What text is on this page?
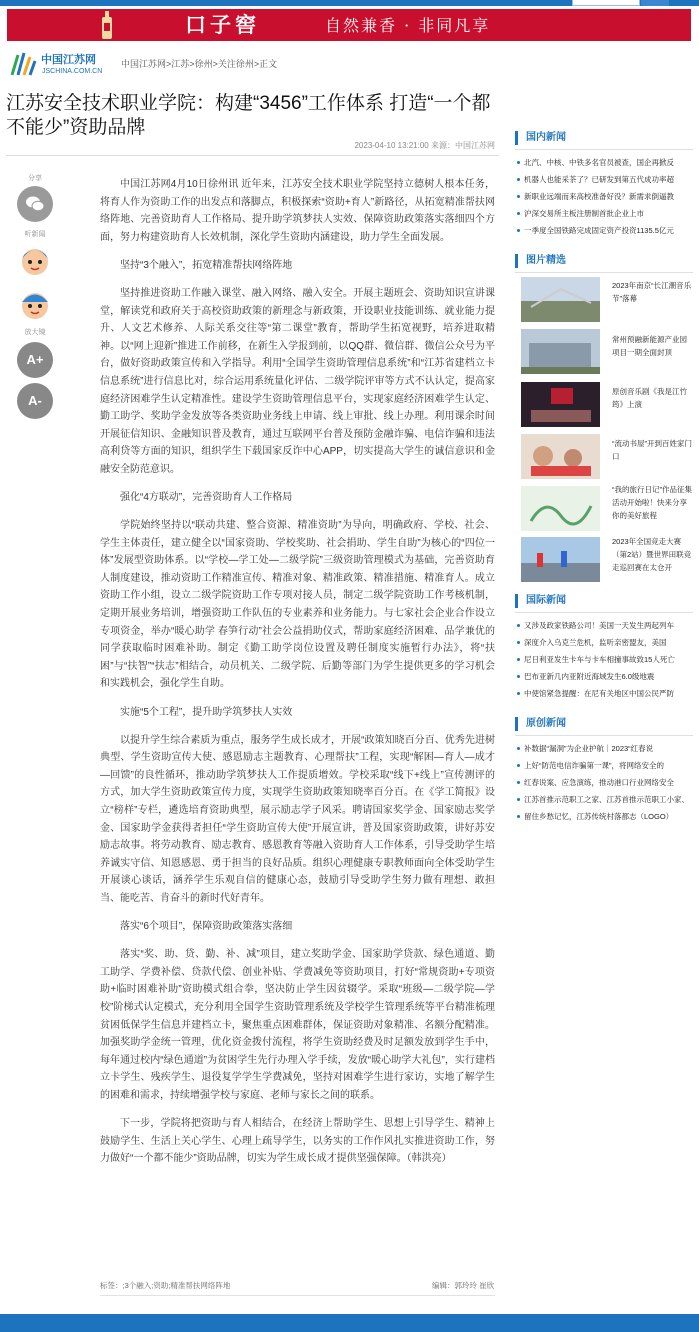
口子窖	自然兼香 · 非同凡享
中国江苏网
JSCHINA.COM.CN
中国江苏网>江苏>徐州>关注徐州>正文
江苏安全技术职业学院：构建“3456”工作体系 打造“一个都不能少”资助品牌
2023-04-10 13:21:00 来源：中国江苏网
分享
听新闻
放大镜
A+
A-

中国江苏网4月10日徐州讯 近年来，江苏安全技术职业学院坚持立德树人根本任务，将育人作为资助工作的出发点和落脚点，积极探索“资助+育人”新路径，从拓宽精准帮扶网络阵地、完善资助育人工作格局、提升助学筑梦扶人实效、保障资助政策落实落细四个方面，努力构建资助育人长效机制，深化学生资助内涵建设，助力学生全面发展。

坚持“3个融入”，拓宽精准帮扶网络阵地

坚持推进资助工作融入课堂、融入网络、融入安全。开展主题班会、资助知识宣讲课堂，解读党和政府关于高校资助政策的新理念与新政策，开设职业技能训练、就业能力提升、人文艺术修养、人际关系交往等“第二课堂”教育，帮助学生拓宽视野，培养进取精神。以“网上迎新”推进工作前移，在新生入学报到前，以QQ群、微信群、微信公众号为平台，做好资助政策宣传和入学指导。利用“全国学生资助管理信息系统”和“江苏省建档立卡信息系统”进行信息比对，综合运用系统量化评估、二级学院评审等方式不认认定，提高家庭经济困难学生认定精准性。建设学生资助管理信息平台，实现家庭经济困难学生认定、勤工助学、奖助学金发放等各类资助业务线上申请、线上审批、线上办理。利用课余时间开展征信知识、金融知识普及教育，通过互联网平台普及预防金融诈骗、电信诈骗和违法高利贷等方面的知识，组织学生下载国家反诈中心APP，切实提高大学生的诚信意识和金融安全防范意识。

强化“4方联动”，完善资助育人工作格局

学院始终坚持以“联动共建、整合资源、精准资助”为导向，明确政府、学校、社会、学生主体责任，建立健全以“国家资助、学校奖助、社会捐助、学生自助”为核心的“四位一体”发展型资助体系。以“学校—学工处—二级学院”三级资助管理模式为基础，完善资助育人制度建设，推动资助工作精准宣传、精准对象、精准政策、精准措施、精准育人。成立资助工作小组，设立二级学院资助工作专项对接人员，制定二级学院资助工作考核机制，定期开展业务培训，增强资助工作队伍的专业素养和业务能力。与七家社会企业合作设立专项资金，举办“暖心助学 春笋行动”社会公益捐助仪式，帮助家庭经济困难、品学兼优的同学获取临时困难补助。制定《勤工助学岗位设置及聘任制度实施暂行办法》，将“扶困”与“扶智”“扶志”相结合，动员机关、二级学院、后勤等部门为学生提供更多的学习机会和实践机会，强化学生自助。

实施“5个工程”，提升助学筑梦扶人实效

以提升学生综合素质为重点，服务学生成长成才，开展“政策知晓百分百、优秀先进树典型、学生资助宣传大使、感恩励志主题教育、心理帮扶”工程，实现“解困—育人—成才—回馈”的良性循环，推动助学筑梦扶人工作提质增效。学校采取“线下+线上”宣传测评的方式，加大学生资助政策宣传力度，实现学生资助政策知晓率百分百。在《学工简报》设立“榜样”专栏，遴选培育资助典型，展示励志学子风采。聘请国家奖学金、国家励志奖学金、国家助学金获得者担任“学生资助宣传大使”开展宣讲，普及国家资助政策，讲好苏安励志故事。将劳动教育、励志教育、感恩教育等融入资助育人工作体系，引导受助学生培养诚实守信、知恩感恩、勇于担当的良好品质。组织心理健康专职教师面向全体受助学生开展谈心谈话，涵养学生乐观自信的健康心态，鼓励引导受助学生努力做有理想、敢担当、能吃苦、肯奋斗的新时代好青年。

落实“6个项目”，保障资助政策落实落细

落实“奖、助、贷、勤、补、减”项目，建立奖助学金、国家助学贷款、绿色通道、勤工助学、学费补偿、贷款代偿、创业补贴、学费减免等资助项目，打好“常规资助+专项资助+临时困难补助”资助模式组合拳，坚决防止学生因贫辍学。采取“班级—二级学院—学校”阶梯式认定模式，充分利用全国学生资助管理系统及学校学生管理系统等平台精准梳理贫困低保学生信息并建档立卡，聚焦重点困难群体，保证资助对象精准、名额分配精准。加强奖助学金统一管理，优化资金拨付流程，将学生资助经费及时足额发放到学生手中，每年通过校内“绿色通道”为贫困学生先行办理入学手续，发放“暖心助学大礼包”，实行建档立卡学生、残疾学生、退役复学学生学费减免，坚持对困难学生进行家访，实地了解学生的困难和需求，持续增强学校与家庭、老师与家长之间的联系。

下一步，学院将把资助与育人相结合，在经济上帮助学生、思想上引导学生、精神上鼓励学生、生活上关心学生、心理上疏导学生，以务实的工作作风扎实推进资助工作，努力做好“一个都不能少”资助品牌，切实为学生成长成才提供坚强保障。（韩洪亮）

标签：;3个融入;资助;精准帮扶网络阵地	编辑：郭玲玲 崔欣
国内新闻
北汽、中核、中铁多名官员被查，国企再掀反
机器人也能采茶了？已研发到第五代成功率超
新职业远端而来高校准备好没？新需求倒逼教
沪深交易所主板注册制首批企业上市
一季度全国铁路完成固定资产投资1135.5亿元
图片精选
2023年南京“长江潮音乐节”落幕
常州预融新能源产业园项目一期全面封顶
原创音乐剧《我是江竹筠》上演
“流动书屋”开到百姓家门口
“我的旅行日记”作品征集活动开始啦！快来分享你的美好旅程
2023年全国竞走大赛（第2站）暨世界田联竞走巡回赛在太仓开
国际新闻
又涉及政家铁路公司！美国一天发生两起列车
深度介入乌克兰危机，监听亲密盟友，美国
尼日利亚发生卡车与卡车相撞事故致15人死亡
巴布亚新几内亚附近海域发生6.0级地震
中使馆紧急提醒：在尼有关地区中国公民严防
原创新闻
补数据“漏洞”为企业护航｜2023“红春说
上好“防范电信诈骗第一课”，将网络安全的
红春说案、应急演练，推动港口行业网络安全
江苏首推示范职工之家、江苏首推示范职工小家、
留住乡愁记忆，江苏传统村落都志（LOGO）
